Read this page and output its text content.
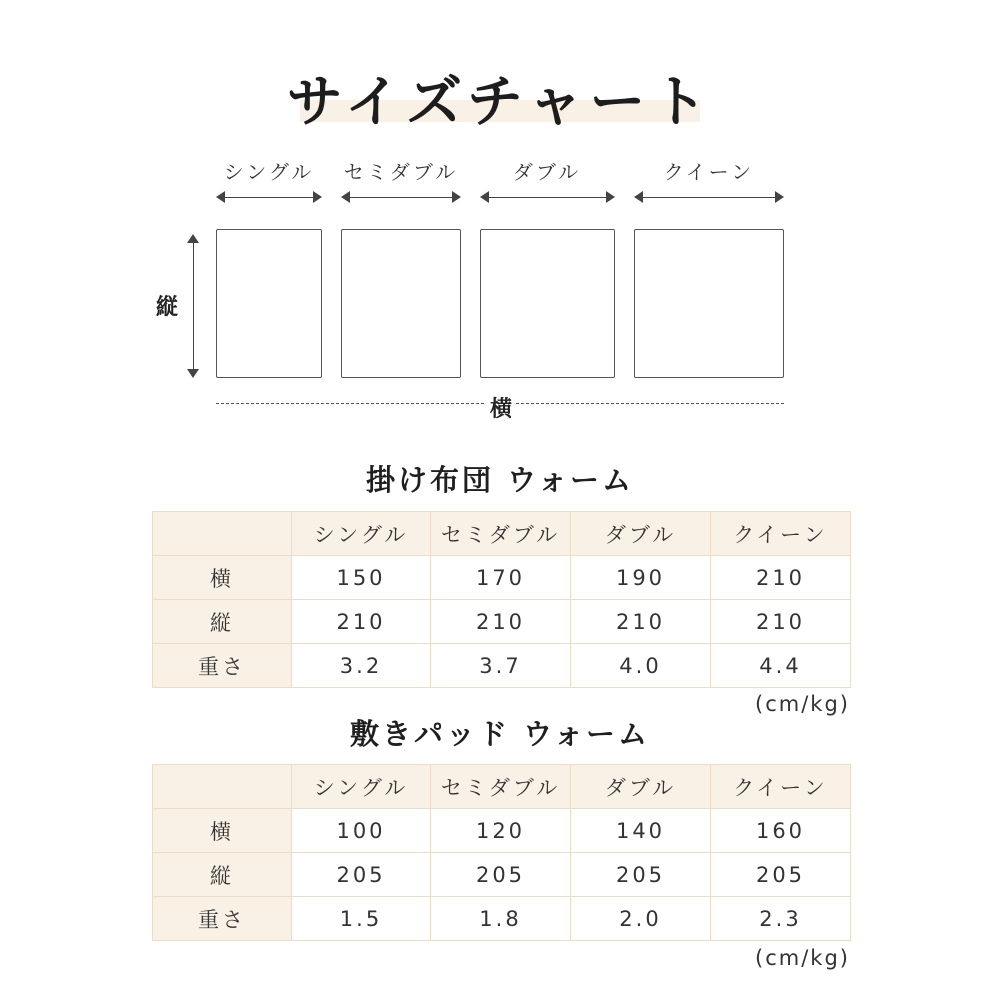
サイズチャート
シングル	セミダブル	ダブル	クイーン
縦
横
掛け布団 ウォーム
	シングル	セミダブル	ダブル	クイーン
横	150	170	190	210
縦	210	210	210	210
重さ	3.2	3.7	4.0	4.4
(cm/kg)
敷きパッド ウォーム
	シングル	セミダブル	ダブル	クイーン
横	100	120	140	160
縦	205	205	205	205
重さ	1.5	1.8	2.0	2.3
(cm/kg)
